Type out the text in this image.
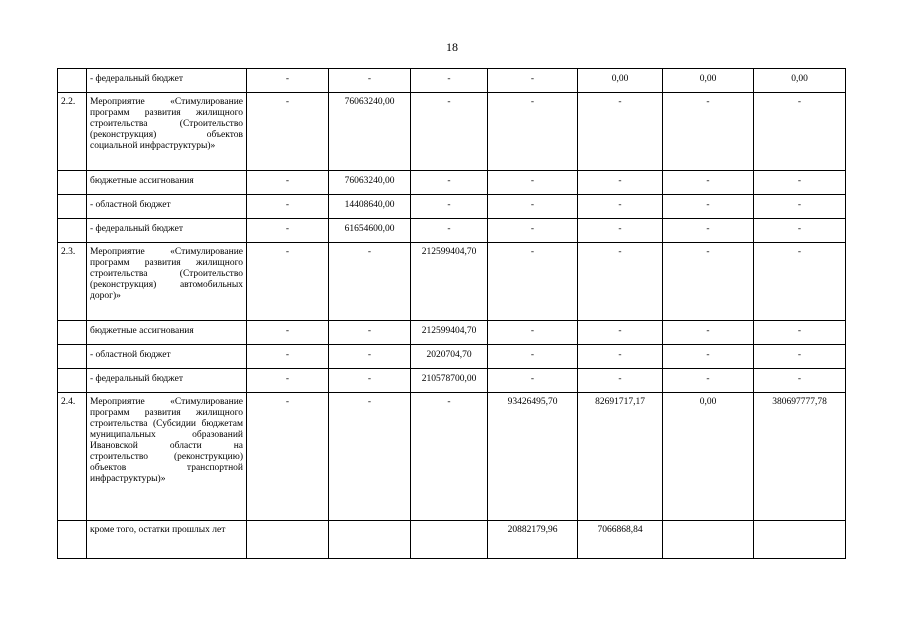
18
	- федеральный бюджет	-	-	-	-	0,00	0,00	0,00
2.2.	Мероприятие «Стимулирование программ развития жилищного строительства (Строительство (реконструкция) объектов социальной инфраструктуры)»	-	76063240,00	-	-	-	-	-
	бюджетные ассигнования	-	76063240,00	-	-	-	-	-
	- областной бюджет	-	14408640,00	-	-	-	-	-
	- федеральный бюджет	-	61654600,00	-	-	-	-	-
2.3.	Мероприятие «Стимулирование программ развития жилищного строительства (Строительство (реконструкция) автомобильных дорог)»	-	-	212599404,70	-	-	-	-
	бюджетные ассигнования	-	-	212599404,70	-	-	-	-
	- областной бюджет	-	-	2020704,70	-	-	-	-
	- федеральный бюджет	-	-	210578700,00	-	-	-	-
2.4.	Мероприятие «Стимулирование программ развития жилищного строительства (Субсидии бюджетам муниципальных образований Ивановской области на строительство (реконструкцию) объектов транспортной инфраструктуры)»	-	-	-	93426495,70	82691717,17	0,00	380697777,78
	кроме того, остатки прошлых лет				20882179,96	7066868,84		
